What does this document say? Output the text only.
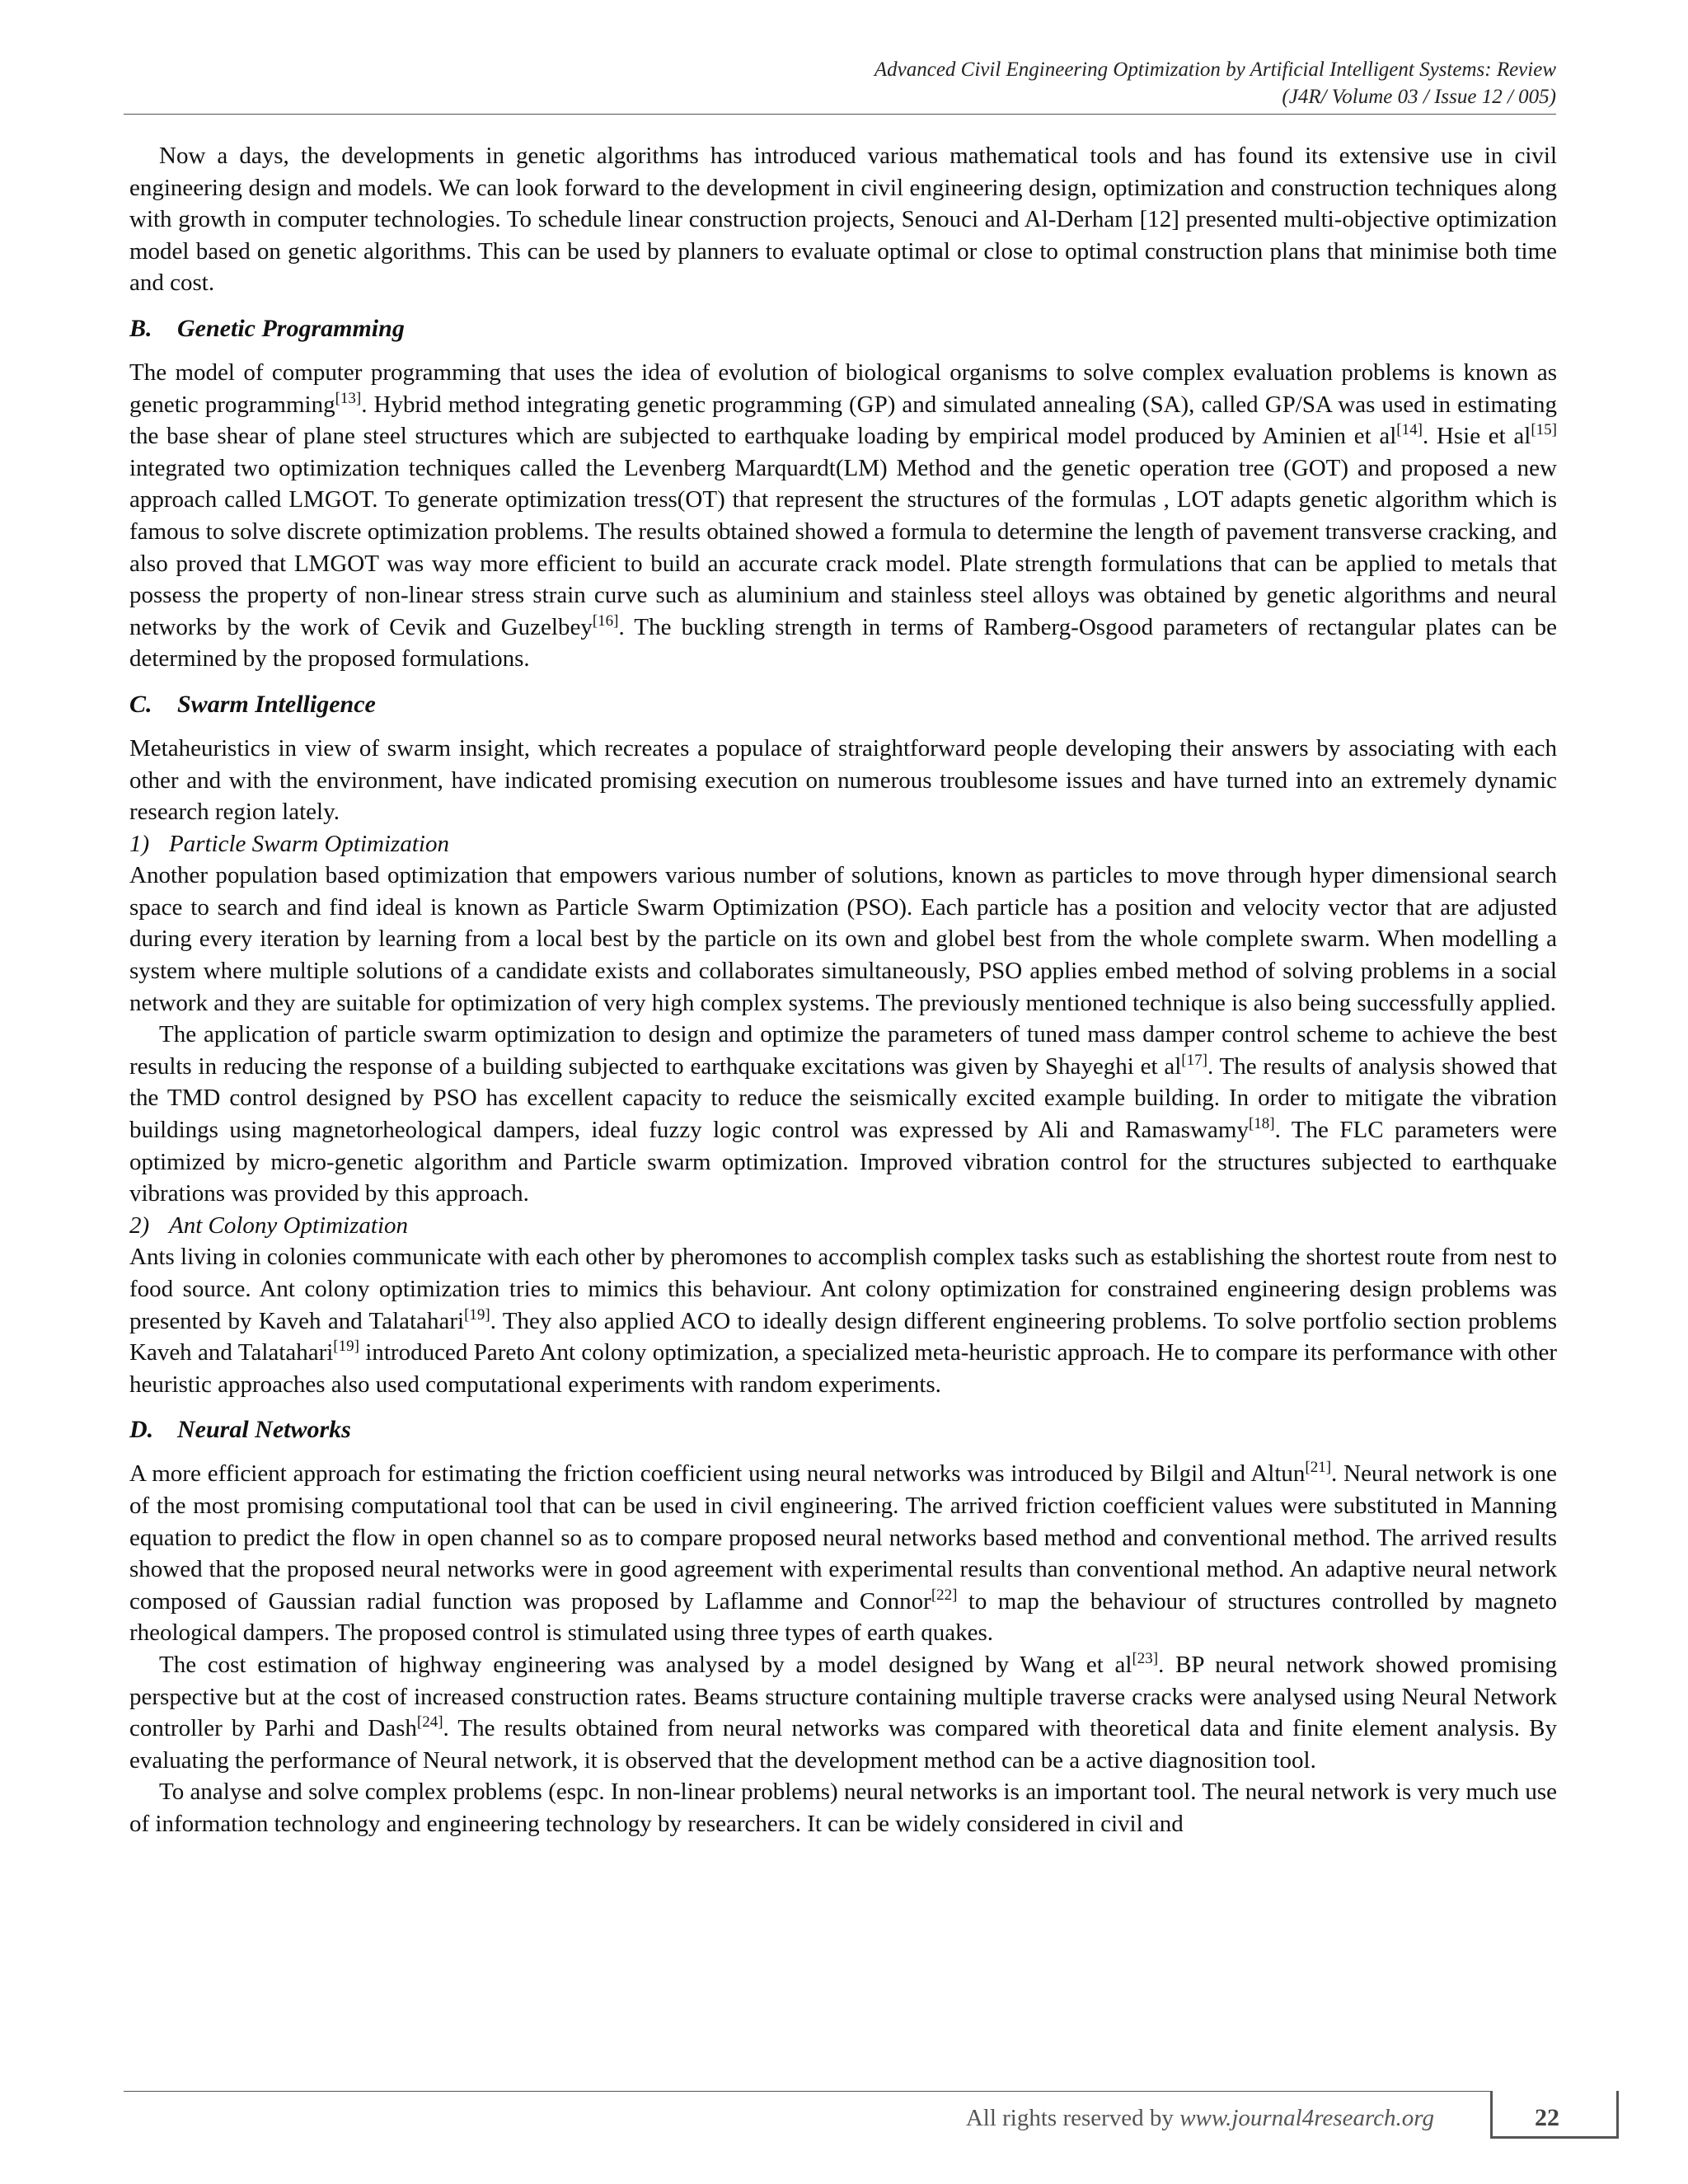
Advanced Civil Engineering Optimization by Artificial Intelligent Systems: Review
(J4R/ Volume 03 / Issue 12 / 005)

Now a days, the developments in genetic algorithms has introduced various mathematical tools and has found its extensive use in civil engineering design and models. We can look forward to the development in civil engineering design, optimization and construction techniques along with growth in computer technologies. To schedule linear construction projects, Senouci and Al-Derham [12] presented multi-objective optimization model based on genetic algorithms. This can be used by planners to evaluate optimal or close to optimal construction plans that minimise both time and cost.

B. Genetic Programming

The model of computer programming that uses the idea of evolution of biological organisms to solve complex evaluation problems is known as genetic programming[13]. Hybrid method integrating genetic programming (GP) and simulated annealing (SA), called GP/SA was used in estimating the base shear of plane steel structures which are subjected to earthquake loading by empirical model produced by Aminien et al[14]. Hsie et al[15] integrated two optimization techniques called the Levenberg Marquardt(LM) Method and the genetic operation tree (GOT) and proposed a new approach called LMGOT. To generate optimization tress(OT) that represent the structures of the formulas , LOT adapts genetic algorithm which is famous to solve discrete optimization problems. The results obtained showed a formula to determine the length of pavement transverse cracking, and also proved that LMGOT was way more efficient to build an accurate crack model. Plate strength formulations that can be applied to metals that possess the property of non-linear stress strain curve such as aluminium and stainless steel alloys was obtained by genetic algorithms and neural networks by the work of Cevik and Guzelbey[16]. The buckling strength in terms of Ramberg-Osgood parameters of rectangular plates can be determined by the proposed formulations.

C. Swarm Intelligence

Metaheuristics in view of swarm insight, which recreates a populace of straightforward people developing their answers by associating with each other and with the environment, have indicated promising execution on numerous troublesome issues and have turned into an extremely dynamic research region lately.

1) Particle Swarm Optimization

Another population based optimization that empowers various number of solutions, known as particles to move through hyper dimensional search space to search and find ideal is known as Particle Swarm Optimization (PSO). Each particle has a position and velocity vector that are adjusted during every iteration by learning from a local best by the particle on its own and globel best from the whole complete swarm. When modelling a system where multiple solutions of a candidate exists and collaborates simultaneously, PSO applies embed method of solving problems in a social network and they are suitable for optimization of very high complex systems. The previously mentioned technique is also being successfully applied.

The application of particle swarm optimization to design and optimize the parameters of tuned mass damper control scheme to achieve the best results in reducing the response of a building subjected to earthquake excitations was given by Shayeghi et al[17]. The results of analysis showed that the TMD control designed by PSO has excellent capacity to reduce the seismically excited example building. In order to mitigate the vibration buildings using magnetorheological dampers, ideal fuzzy logic control was expressed by Ali and Ramaswamy[18]. The FLC parameters were optimized by micro-genetic algorithm and Particle swarm optimization. Improved vibration control for the structures subjected to earthquake vibrations was provided by this approach.

2) Ant Colony Optimization

Ants living in colonies communicate with each other by pheromones to accomplish complex tasks such as establishing the shortest route from nest to food source. Ant colony optimization tries to mimics this behaviour. Ant colony optimization for constrained engineering design problems was presented by Kaveh and Talatahari[19]. They also applied ACO to ideally design different engineering problems. To solve portfolio section problems Kaveh and Talatahari[19] introduced Pareto Ant colony optimization, a specialized meta-heuristic approach. He to compare its performance with other heuristic approaches also used computational experiments with random experiments.

D. Neural Networks

A more efficient approach for estimating the friction coefficient using neural networks was introduced by Bilgil and Altun[21]. Neural network is one of the most promising computational tool that can be used in civil engineering. The arrived friction coefficient values were substituted in Manning equation to predict the flow in open channel so as to compare proposed neural networks based method and conventional method. The arrived results showed that the proposed neural networks were in good agreement with experimental results than conventional method. An adaptive neural network composed of Gaussian radial function was proposed by Laflamme and Connor[22] to map the behaviour of structures controlled by magneto rheological dampers. The proposed control is stimulated using three types of earth quakes.

The cost estimation of highway engineering was analysed by a model designed by Wang et al[23]. BP neural network showed promising perspective but at the cost of increased construction rates. Beams structure containing multiple traverse cracks were analysed using Neural Network controller by Parhi and Dash[24]. The results obtained from neural networks was compared with theoretical data and finite element analysis. By evaluating the performance of Neural network, it is observed that the development method can be a active diagnosition tool.

To analyse and solve complex problems (espc. In non-linear problems) neural networks is an important tool. The neural network is very much use of information technology and engineering technology by researchers. It can be widely considered in civil and

All rights reserved by www.journal4research.org	22
